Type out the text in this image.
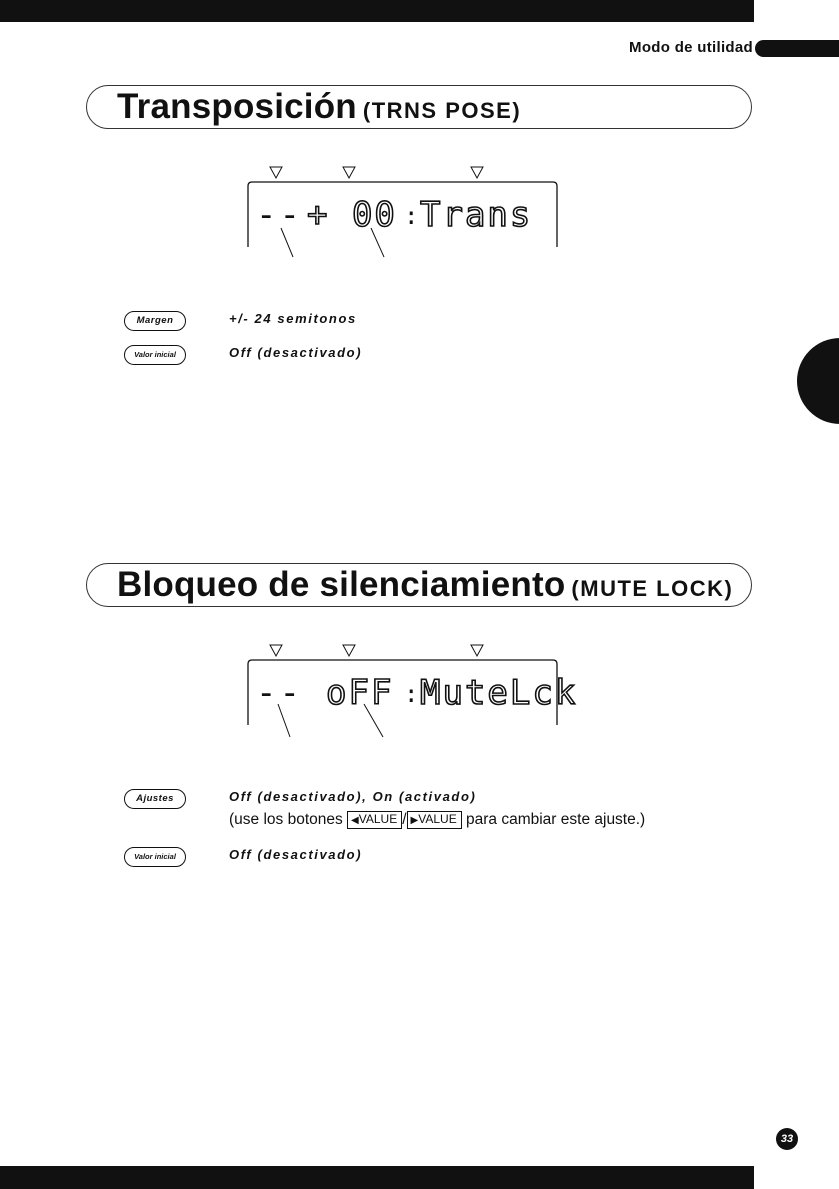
Modo de utilidad
Transposición (TRNS POSE)
-- + 00 : Trans
Margen	+/- 24 semitonos
Valor inicial	Off (desactivado)
Bloqueo de silenciamiento (MUTE LOCK)
-- oFF : MuteLck
Ajustes	Off (desactivado), On (activado)
(use los botones ◀VALUE / ▶VALUE para cambiar este ajuste.)
Valor inicial	Off (desactivado)
33
